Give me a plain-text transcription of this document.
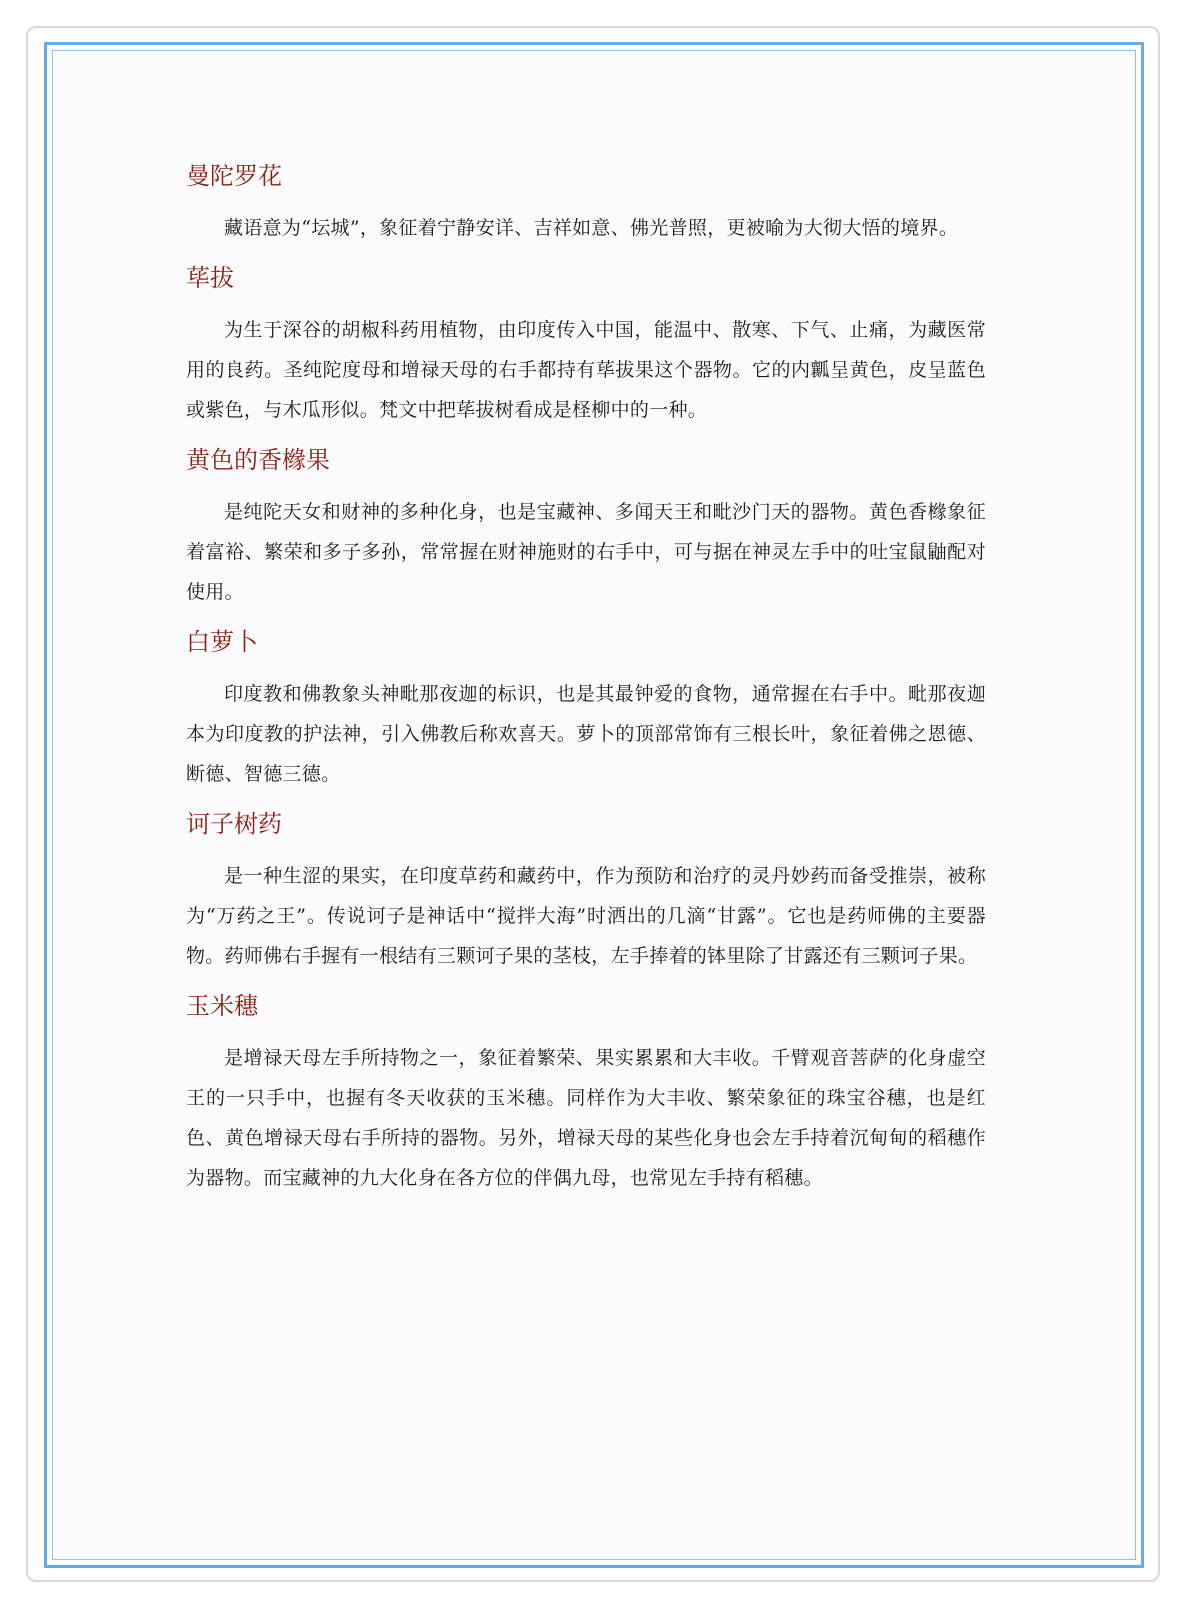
曼陀罗花

藏语意为“坛城”，象征着宁静安详、吉祥如意、佛光普照，更被喻为大彻大悟的境界。

荜拔

为生于深谷的胡椒科药用植物，由印度传入中国，能温中、散寒、下气、止痛，为藏医常用的良药。圣纯陀度母和增禄天母的右手都持有荜拔果这个器物。它的内瓤呈黄色，皮呈蓝色或紫色，与木瓜形似。梵文中把荜拔树看成是柽柳中的一种。

黄色的香橼果

是纯陀天女和财神的多种化身，也是宝藏神、多闻天王和毗沙门天的器物。黄色香橼象征着富裕、繁荣和多子多孙，常常握在财神施财的右手中，可与据在神灵左手中的吐宝鼠鼬配对使用。

白萝卜

印度教和佛教象头神毗那夜迦的标识，也是其最钟爱的食物，通常握在右手中。毗那夜迦本为印度教的护法神，引入佛教后称欢喜天。萝卜的顶部常饰有三根长叶，象征着佛之恩德、断德、智德三德。

诃子树药

是一种生涩的果实，在印度草药和藏药中，作为预防和治疗的灵丹妙药而备受推崇，被称为“万药之王”。传说诃子是神话中“搅拌大海”时洒出的几滴“甘露”。它也是药师佛的主要器物。药师佛右手握有一根结有三颗诃子果的茎枝，左手捧着的钵里除了甘露还有三颗诃子果。

玉米穗

是增禄天母左手所持物之一，象征着繁荣、果实累累和大丰收。千臂观音菩萨的化身虚空王的一只手中，也握有冬天收获的玉米穗。同样作为大丰收、繁荣象征的珠宝谷穗，也是红色、黄色增禄天母右手所持的器物。另外，增禄天母的某些化身也会左手持着沉甸甸的稻穗作为器物。而宝藏神的九大化身在各方位的伴偶九母，也常见左手持有稻穗。
